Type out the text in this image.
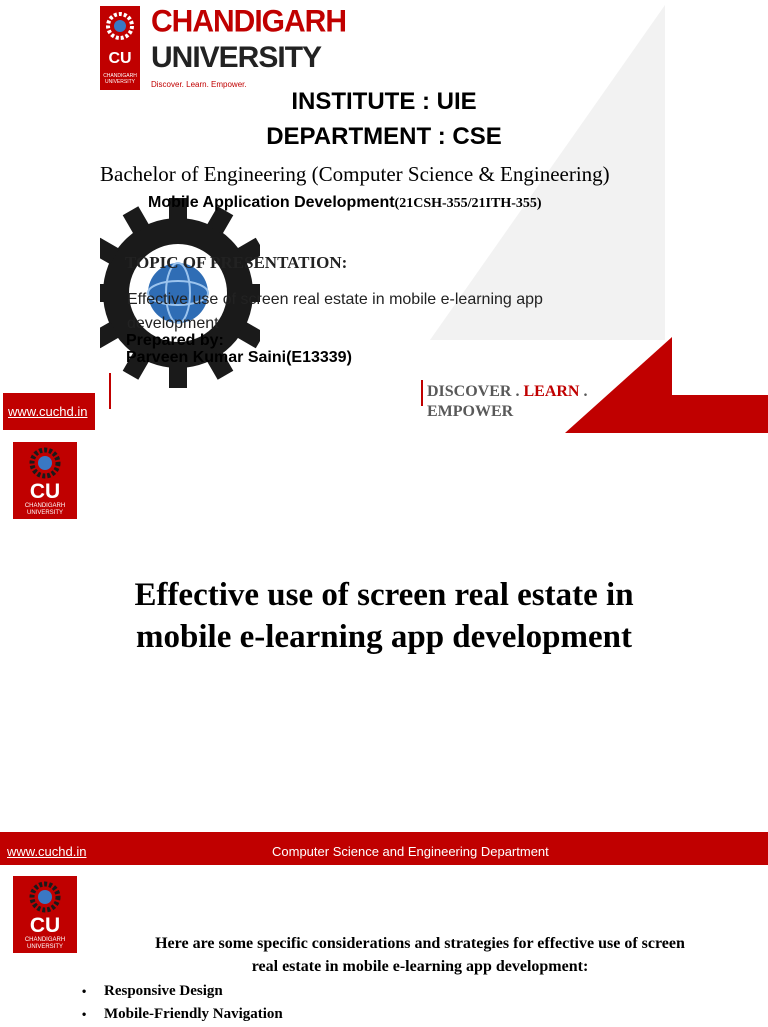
CU
CHANDIGARH UNIVERSITY
CHANDIGARH
UNIVERSITY
Discover. Learn. Empower.
INSTITUTE : UIE
DEPARTMENT : CSE
Bachelor of Engineering (Computer Science & Engineering)
Mobile Application Development(21CSH-355/21ITH-355)
TOPIC OF PRESENTATION:
Effective use of screen real estate in mobile e-learning app development
Prepared by:
Parveen Kumar Saini(E13339)
www.cuchd.in
DISCOVER . LEARN .
EMPOWER
CU
CHANDIGARH UNIVERSITY
Effective use of screen real estate in
mobile e-learning app development
www.cuchd.in	Computer Science and Engineering Department
CU
CHANDIGARH UNIVERSITY	Here are some specific considerations and strategies for effective use of screen
real estate in mobile e-learning app development:
• Responsive Design
• Mobile-Friendly Navigation
